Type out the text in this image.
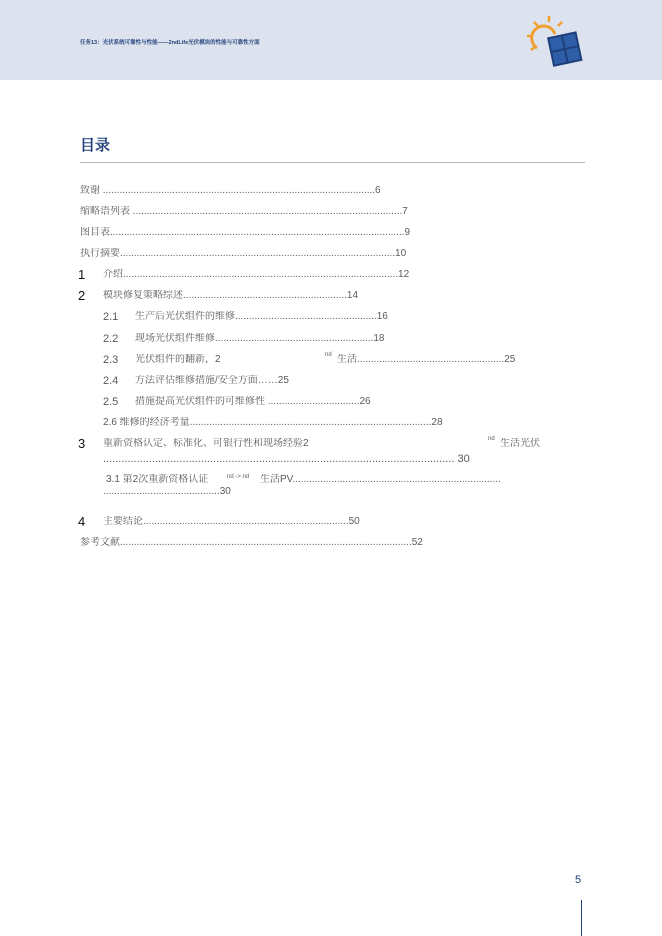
任务13：光伏系统可靠性与性能——2ndLife光伏模块的性能与可靠性方面
目录
致谢 ..................................................................................................6
缩略语列表 .................................................................................................7
图目表..........................................................................................................9
执行摘要...................................................................................................10
1 介绍...................................................................................................12
2 模块修复策略综述...........................................................14
2.1 生产后光伏组件的维修...................................................16
2.2 现场光伏组件维修.........................................................18
2.3 光伏组件的翻新，2	nd 生活.....................................................25
2.4 方法评估维修措施/安全方面……25
2.5 措施提高光伏组件的可维修性 .................................26
2.6 维修的经济考量.......................................................................................28
3 重新资格认定、标准化、可银行性和现场经验2	nd 生活光伏
................................................................................................................... 30
3.1 第2次重新资格认证	nd -> nd 生活PV...........................................................................
..........................................30
4 主要结论..........................................................................50
参考文献.........................................................................................................52
5
